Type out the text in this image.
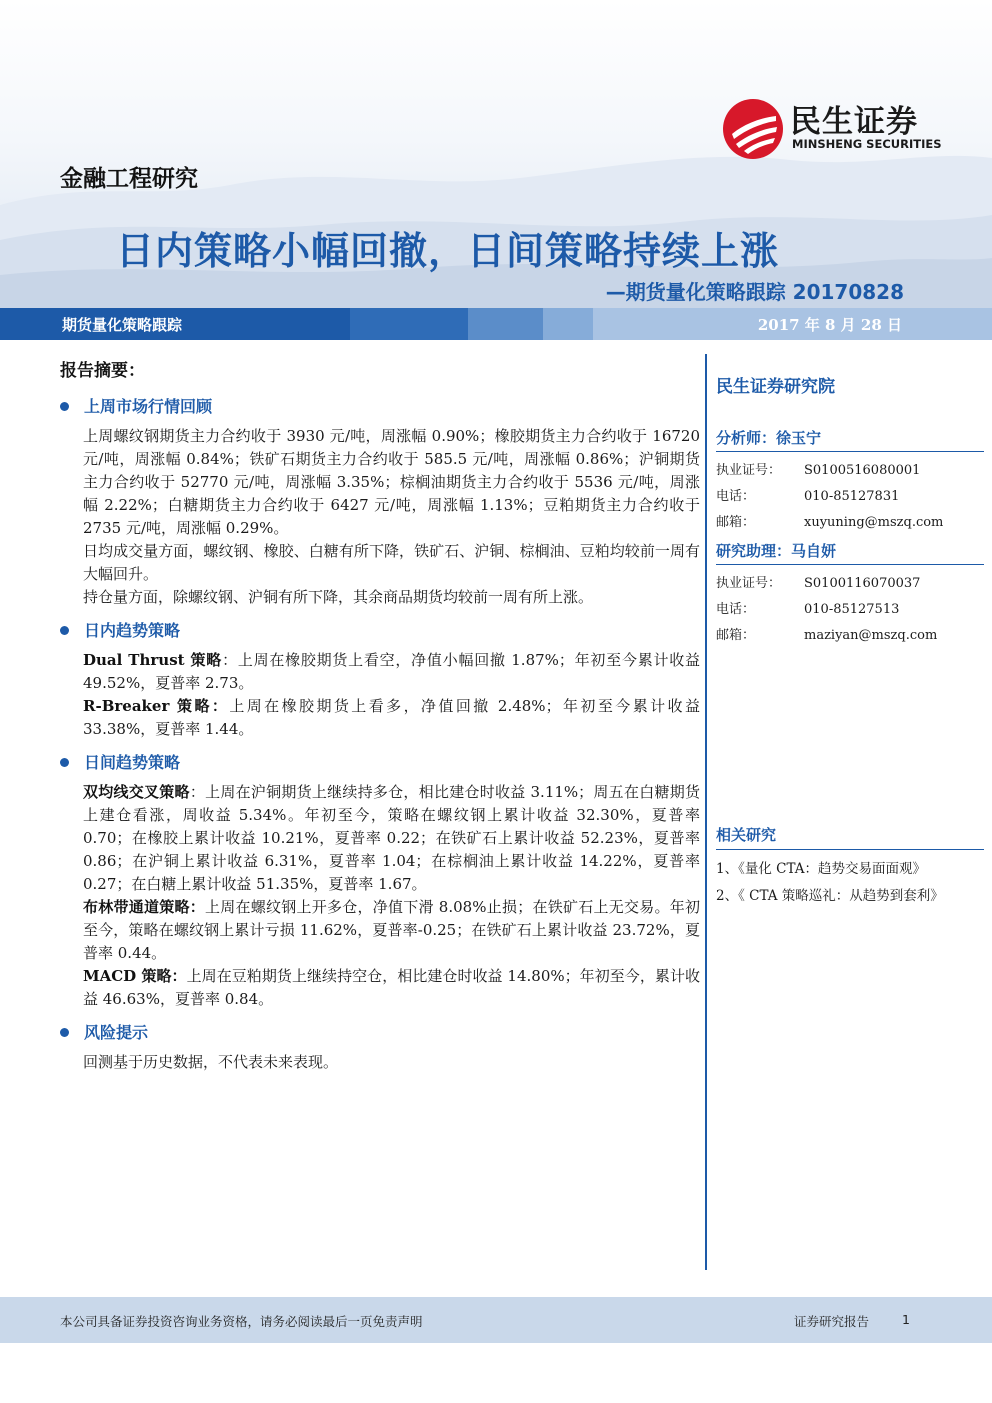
民生证券
MINSHENG SECURITIES
金融工程研究
日内策略小幅回撤，日间策略持续上涨
—期货量化策略跟踪 20170828
期货量化策略跟踪	2017 年 8 月 28 日
报告摘要：
上周市场行情回顾

上周螺纹钢期货主力合约收于 3930 元/吨，周涨幅 0.90%；橡胶期货主力合约收于 16720 元/吨，周涨幅 0.84%；铁矿石期货主力合约收于 585.5 元/吨，周涨幅 0.86%；沪铜期货主力合约收于 52770 元/吨，周涨幅 3.35%；棕榈油期货主力合约收于 5536 元/吨，周涨幅 2.22%；白糖期货主力合约收于 6427 元/吨，周涨幅 1.13%；豆粕期货主力合约收于 2735 元/吨，周涨幅 0.29%。

日均成交量方面，螺纹钢、橡胶、白糖有所下降，铁矿石、沪铜、棕榈油、豆粕均较前一周有大幅回升。

持仓量方面，除螺纹钢、沪铜有所下降，其余商品期货均较前一周有所上涨。

日内趋势策略

Dual Thrust 策略：上周在橡胶期货上看空，净值小幅回撤 1.87%；年初至今累计收益 49.52%，夏普率 2.73。

R-Breaker 策略：上周在橡胶期货上看多，净值回撤 2.48%；年初至今累计收益 33.38%，夏普率 1.44。

日间趋势策略

双均线交叉策略：上周在沪铜期货上继续持多仓，相比建仓时收益 3.11%；周五在白糖期货上建仓看涨，周收益 5.34%。年初至今，策略在螺纹钢上累计收益 32.30%，夏普率 0.70；在橡胶上累计收益 10.21%，夏普率 0.22；在铁矿石上累计收益 52.23%，夏普率 0.86；在沪铜上累计收益 6.31%，夏普率 1.04；在棕榈油上累计收益 14.22%，夏普率 0.27；在白糖上累计收益 51.35%，夏普率 1.67。

布林带通道策略：上周在螺纹钢上开多仓，净值下滑 8.08%止损；在铁矿石上无交易。年初至今，策略在螺纹钢上累计亏损 11.62%，夏普率-0.25；在铁矿石上累计收益 23.72%，夏普率 0.44。

MACD 策略：上周在豆粕期货上继续持空仓，相比建仓时收益 14.80%；年初至今，累计收益 46.63%，夏普率 0.84。

风险提示

回测基于历史数据，不代表未来表现。

民生证券研究院
分析师：徐玉宁
执业证号：	S0100516080001
电话：	010-85127831
邮箱：	xuyuning@mszq.com
研究助理：马自妍
执业证号：	S0100116070037
电话：	010-85127513
邮箱：	maziyan@mszq.com
相关研究
1、《量化 CTA：趋势交易面面观》
2、《 CTA 策略巡礼：从趋势到套利》
本公司具备证券投资咨询业务资格，请务必阅读最后一页免责声明	证券研究报告	1
